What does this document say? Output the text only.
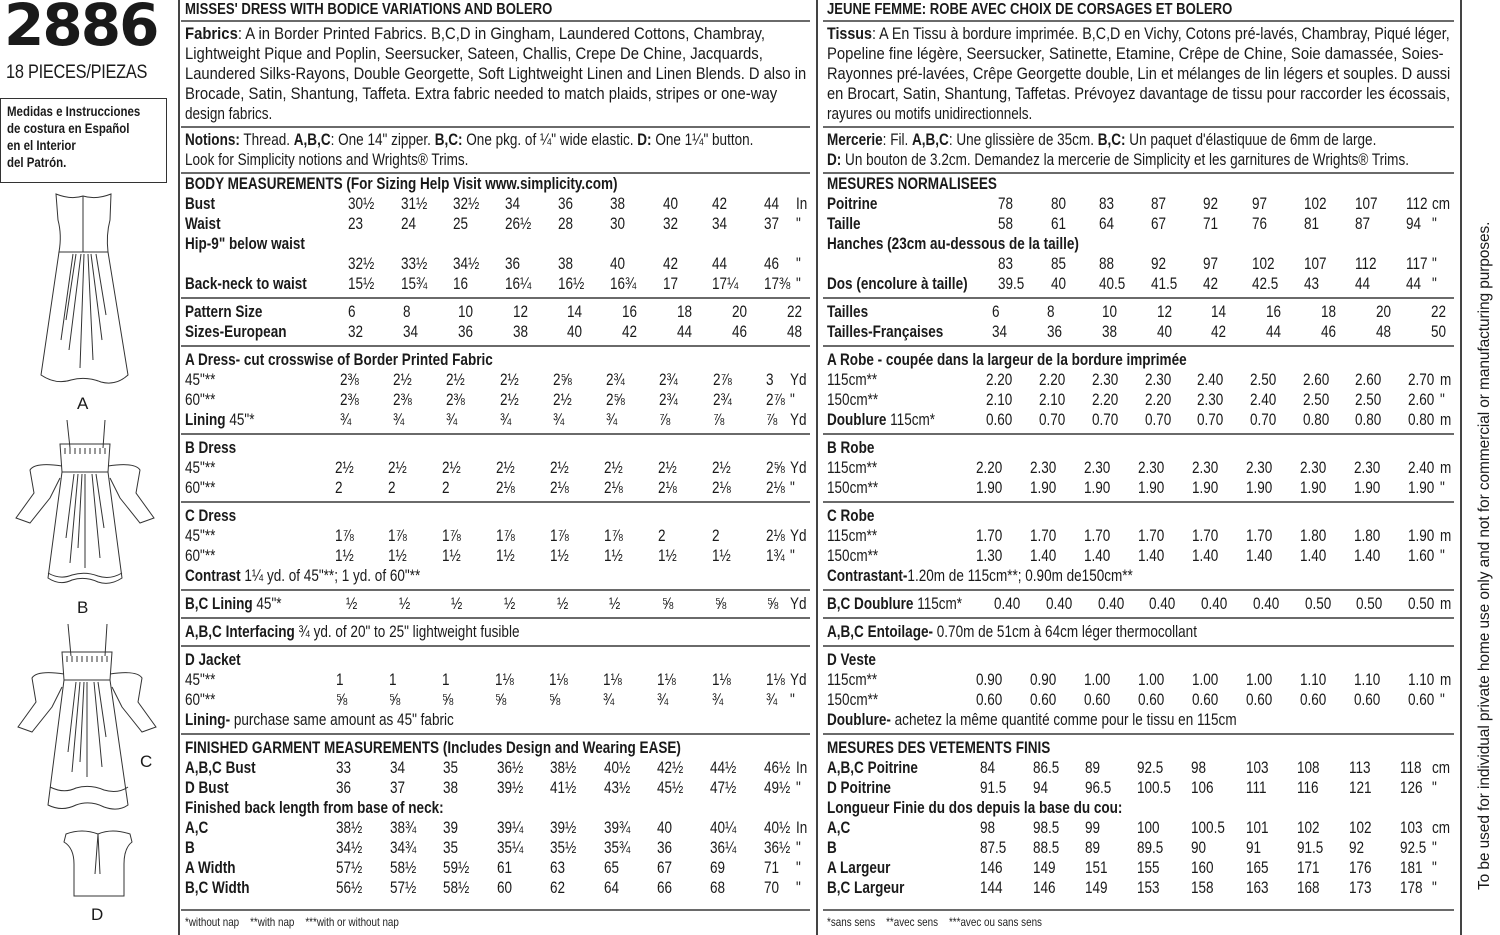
2886
18 PIECES/PIEZAS
Medidas e Instrucciones
de costura en Español
en el Interior
del Patrón.
A
B
C
D
MISSES' DRESS WITH BODICE VARIATIONS AND BOLERO
Fabrics: A in Border Printed Fabrics. B,C,D in Gingham, Laundered Cottons, Chambray,
Lightweight Pique and Poplin, Seersucker, Sateen, Challis, Crepe De Chine, Jacquards,
Laundered Silks-Rayons, Double Georgette, Soft Lightweight Linen and Linen Blends. D also in
Brocade, Satin, Shantung, Taffeta. Extra fabric needed to match plaids, stripes or one-way
design fabrics.
Notions: Thread. A,B,C: One 14" zipper. B,C: One pkg. of ¼" wide elastic. D: One 1¼" button.
Look for Simplicity notions and Wrights® Trims.
BODY MEASUREMENTS (For Sizing Help Visit www.simplicity.com)										
Bust	30½	31½	32½	34	36	38	40	42	44	In
Waist	23	24	25	26½	28	30	32	34	37	"
Hip-9" below waist										
	32½	33½	34½	36	38	40	42	44	46	"
Back-neck to waist	15½	15¾	16	16¼	16½	16¾	17	17¼	17⅜	"
Pattern Size	6	8	10	12	14	16	18	20	22	
Sizes-European	32	34	36	38	40	42	44	46	48	
A Dress- cut crosswise of Border Printed Fabric										
45"**	2⅜	2½	2½	2½	2⅝	2¾	2¾	2⅞	3	Yd
60"**	2⅜	2⅜	2⅜	2½	2½	2⅝	2¾	2¾	2⅞	"
Lining 45"*	¾	¾	¾	¾	¾	¾	⅞	⅞	⅞	Yd
B Dress										
45"**	2½	2½	2½	2½	2½	2½	2½	2½	2⅝	Yd
60"**	2	2	2	2⅛	2⅛	2⅛	2⅛	2⅛	2⅛	"
C Dress										
45"**	1⅞	1⅞	1⅞	1⅞	1⅞	1⅞	2	2	2⅛	Yd
60"**	1½	1½	1½	1½	1½	1½	1½	1½	1¾	"
Contrast 1¼ yd. of 45"**; 1 yd. of 60"**
B,C Lining 45"*	½	½	½	½	½	½	⅝	⅝	⅝	Yd
A,B,C Interfacing ¾ yd. of 20" to 25" lightweight fusible
D Jacket										
45"**	1	1	1	1⅛	1⅛	1⅛	1⅛	1⅛	1⅛	Yd
60"**	⅝	⅝	⅝	⅝	⅝	¾	¾	¾	¾	"
Lining- purchase same amount as 45" fabric
FINISHED GARMENT MEASUREMENTS (Includes Design and Wearing EASE)										
A,B,C Bust	33	34	35	36½	38½	40½	42½	44½	46½	In
D Bust	36	37	38	39½	41½	43½	45½	47½	49½	"
Finished back length from base of neck:										
A,C	38½	38¾	39	39¼	39½	39¾	40	40¼	40½	In
B	34½	34¾	35	35¼	35½	35¾	36	36¼	36½	"
A Width	57½	58½	59½	61	63	65	67	69	71	"
B,C Width	56½	57½	58½	60	62	64	66	68	70	"
*without nap    **with nap    ***with or without nap
JEUNE FEMME: ROBE AVEC CHOIX DE CORSAGES ET BOLERO
Tissus: A En Tissu à bordure imprimée. B,C,D en Vichy, Cotons pré-lavés, Chambray, Piqué léger,
Popeline fine légère, Seersucker, Satinette, Etamine, Crêpe de Chine, Soie damassée, Soies-
Rayonnes pré-lavées, Crêpe Georgette double, Lin et mélanges de lin légers et souples. D aussi
en Brocart, Satin, Shantung, Taffetas. Prévoyez davantage de tissu pour raccorder les écossais,
rayures ou motifs unidirectionnels.
Mercerie: Fil. A,B,C: Une glissière de 35cm. B,C: Un paquet d'élastiquue de 6mm de large.
D: Un bouton de 3.2cm. Demandez la mercerie de Simplicity et les garnitures de Wrights® Trims.
MESURES NORMALISEES										
Poitrine	78	80	83	87	92	97	102	107	112	cm
Taille	58	61	64	67	71	76	81	87	94	"
Hanches (23cm au-dessous de la taille)										
	83	85	88	92	97	102	107	112	117	"
Dos (encolure à taille)	39.5	40	40.5	41.5	42	42.5	43	44	44	"
Tailles	6	8	10	12	14	16	18	20	22	
Tailles-Françaises	34	36	38	40	42	44	46	48	50	
A Robe - coupée dans la largeur de la bordure imprimée										
115cm**	2.20	2.20	2.30	2.30	2.40	2.50	2.60	2.60	2.70	m
150cm**	2.10	2.10	2.20	2.20	2.30	2.40	2.50	2.50	2.60	"
Doublure 115cm*	0.60	0.70	0.70	0.70	0.70	0.70	0.80	0.80	0.80	m
B Robe										
115cm**	2.20	2.30	2.30	2.30	2.30	2.30	2.30	2.30	2.40	m
150cm**	1.90	1.90	1.90	1.90	1.90	1.90	1.90	1.90	1.90	"
C Robe										
115cm**	1.70	1.70	1.70	1.70	1.70	1.70	1.80	1.80	1.90	m
150cm**	1.30	1.40	1.40	1.40	1.40	1.40	1.40	1.40	1.60	"
Contrastant-1.20m de 115cm**; 0.90m de150cm**
B,C Doublure 115cm*	0.40	0.40	0.40	0.40	0.40	0.40	0.50	0.50	0.50	m
A,B,C Entoilage- 0.70m de 51cm à 64cm léger thermocollant
D Veste										
115cm**	0.90	0.90	1.00	1.00	1.00	1.00	1.10	1.10	1.10	m
150cm**	0.60	0.60	0.60	0.60	0.60	0.60	0.60	0.60	0.60	"
Doublure- achetez la même quantité comme pour le tissu en 115cm
MESURES DES VETEMENTS FINIS										
A,B,C Poitrine	84	86.5	89	92.5	98	103	108	113	118	cm
D Poitrine	91.5	94	96.5	100.5	106	111	116	121	126	"
Longueur Finie du dos depuis la base du cou:										
A,C	98	98.5	99	100	100.5	101	102	102	103	cm
B	87.5	88.5	89	89.5	90	91	91.5	92	92.5	"
A Largeur	146	149	151	155	160	165	171	176	181	"
B,C Largeur	144	146	149	153	158	163	168	173	178	"
*sans sens    **avec sens    ***avec ou sans sens
To be used for individual private home use only and not for commercial or manufacturing purposes.
